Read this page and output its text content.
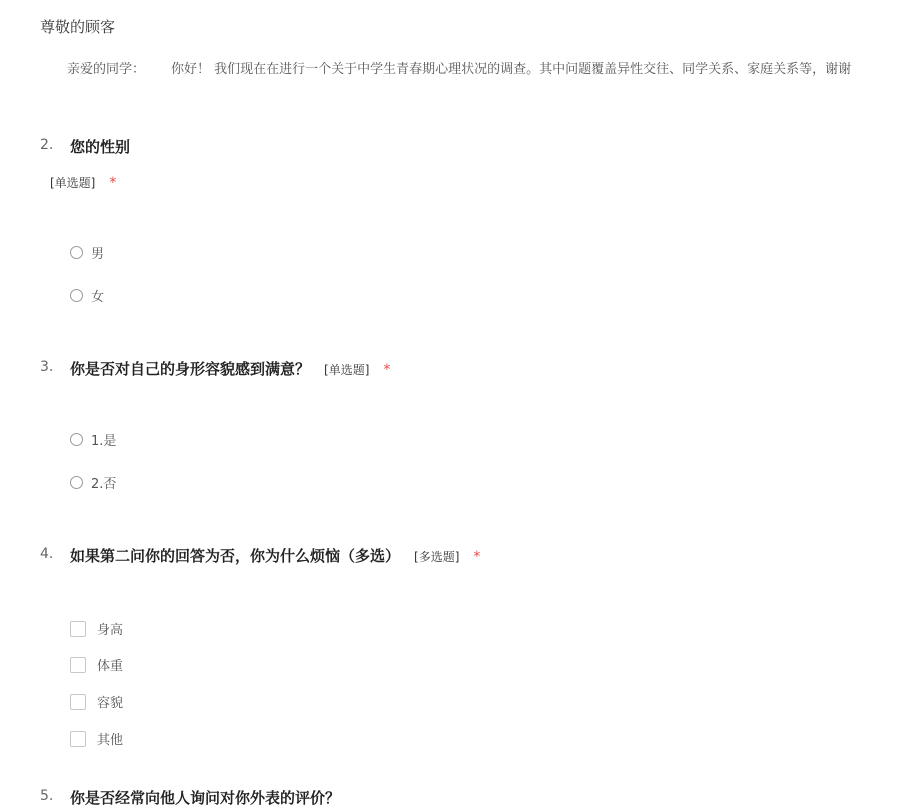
尊敬的顾客
亲爱的同学： 你好！ 我们现在在进行一个关于中学生青春期心理状况的调查。其中问题覆盖异性交往、同学关系、家庭关系等，谢谢
2. 您的性别
[单选题] *
男
女
3. 你是否对自己的身形容貌感到满意？ [单选题] *
1.是
2.否
4. 如果第二问你的回答为否，你为什么烦恼（多选） [多选题] *
身高
体重
容貌
其他
5. 你是否经常向他人询问对你外表的评价？
